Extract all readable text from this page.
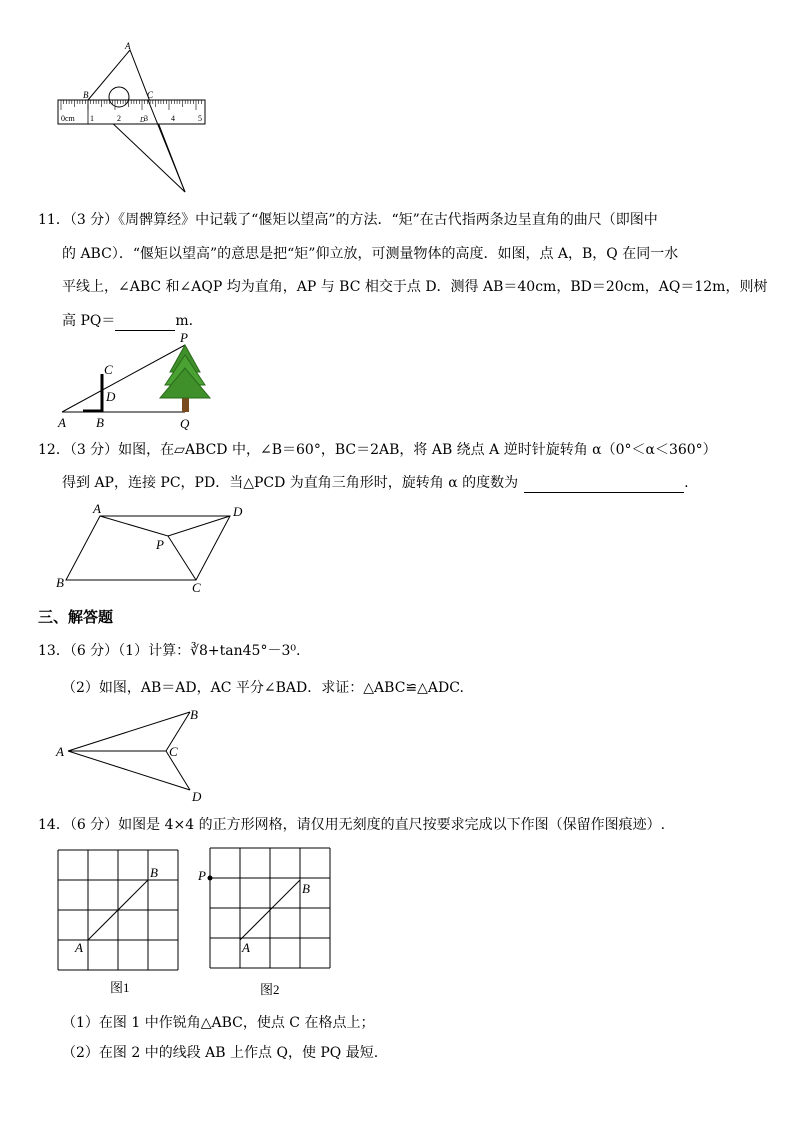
A
B	C
D
0cm 1	2	3	4	5
11．（3 分）《周髀算经》中记载了“偃矩以望高”的方法．“矩”在古代指两条边呈直角的曲尺（即图中
的 ABC）．“偃矩以望高”的意思是把“矩”仰立放，可测量物体的高度．如图，点 A，B，Q 在同一水
平线上，∠ABC 和∠AQP 均为直角，AP 与 BC 相交于点 D．测得 AB＝40cm，BD＝20cm，AQ＝12m，则树
高 PQ＝	m.
A B
C
D
P
Q
12．（3 分）如图，在▱ABCD 中，∠B＝60°，BC＝2AB，将 AB 绕点 A 逆时针旋转角 α（0°＜α＜360°）
得到 AP，连接 PC，PD．当△PCD 为直角三角形时，旋转角 α 的度数为	.
A
B	C
D
P
三、解答题
13．（6 分）（1）计算：∛8+tan45°－3⁰.
（2）如图，AB＝AD，AC 平分∠BAD．求证：△ABC≌△ADC.
A
B
C
D
14．（6 分）如图是 4×4 的正方形网格，请仅用无刻度的直尺按要求完成以下作图（保留作图痕迹）.
A
B
A
B
P
图1	图2
（1）在图 1 中作锐角△ABC，使点 C 在格点上；
（2）在图 2 中的线段 AB 上作点 Q，使 PQ 最短.
